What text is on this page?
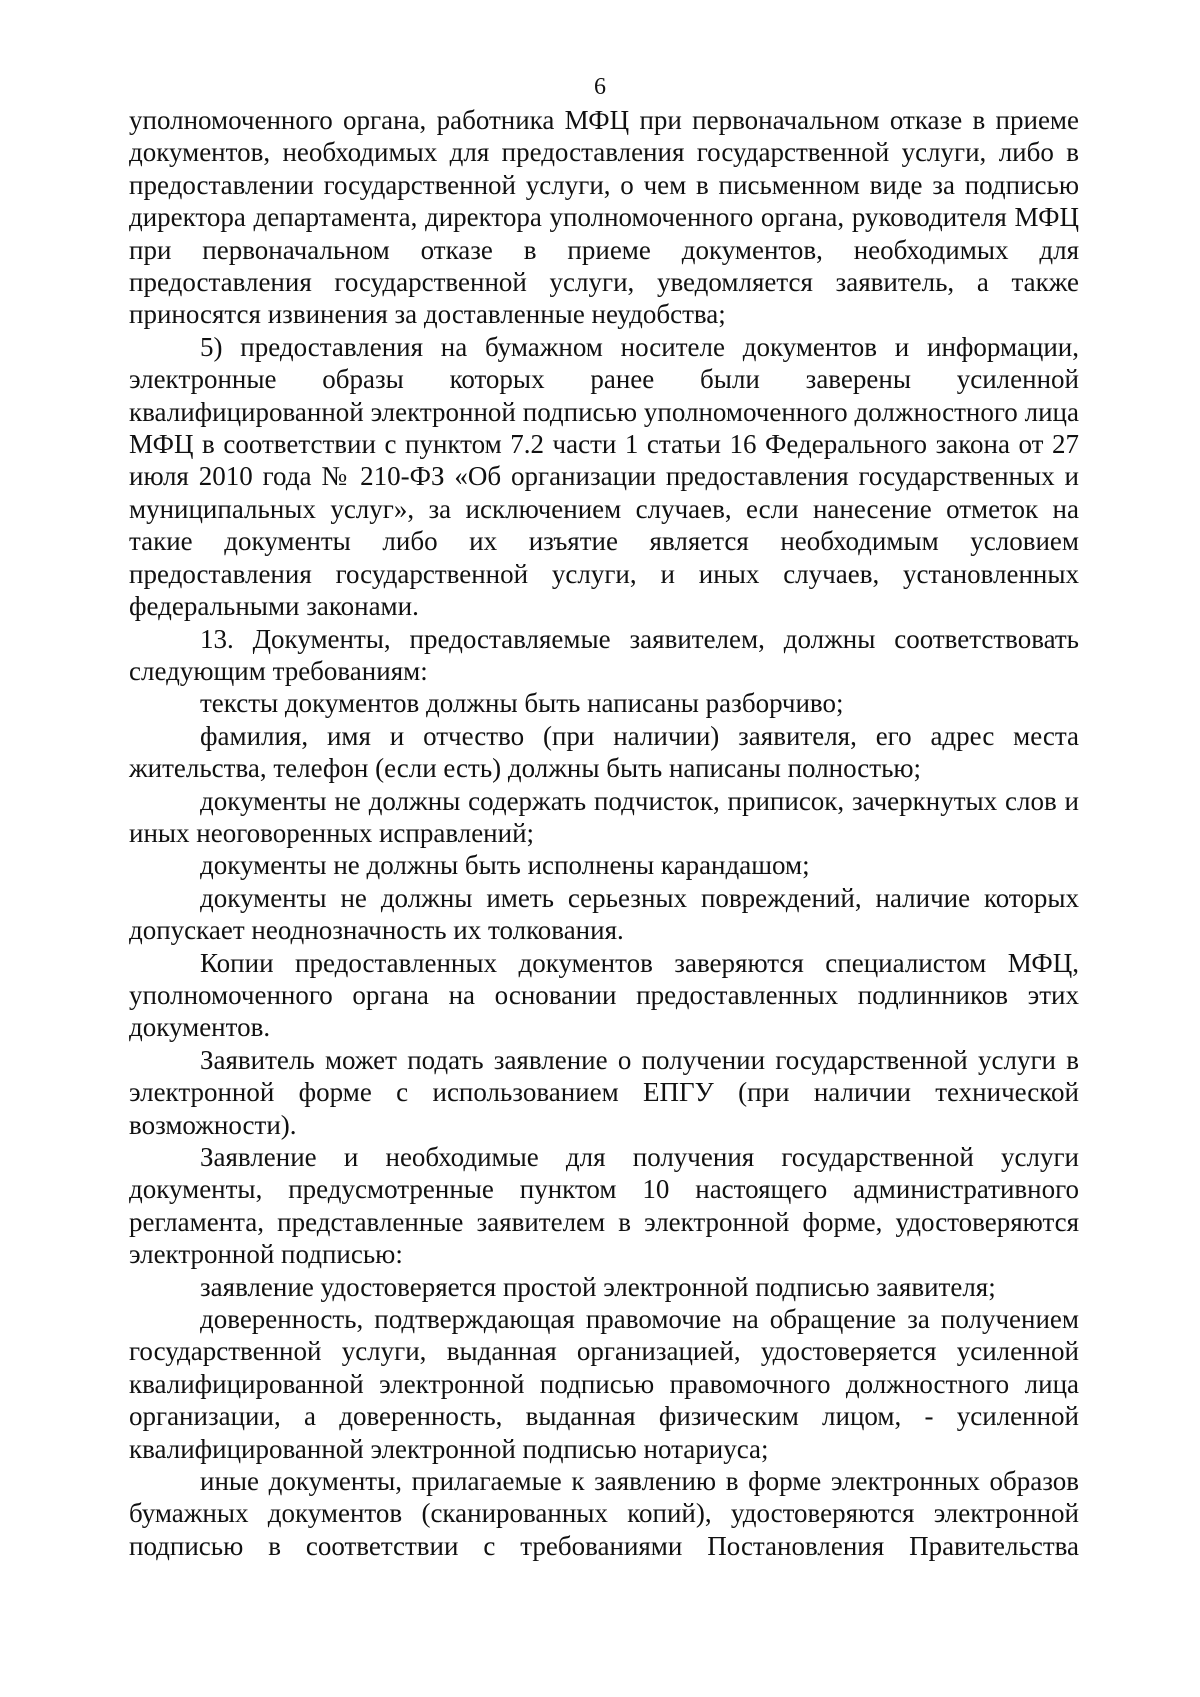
6

уполномоченного органа, работника МФЦ при первоначальном отказе в приеме документов, необходимых для предоставления государственной услуги, либо в предоставлении государственной услуги, о чем в письменном виде за подписью директора департамента, директора уполномоченного органа, руководителя МФЦ при первоначальном отказе в приеме документов, необходимых для предоставления государственной услуги, уведомляется заявитель, а также приносятся извинения за доставленные неудобства;

5) предоставления на бумажном носителе документов и информации, электронные образы которых ранее были заверены усиленной квалифицированной электронной подписью уполномоченного должностного лица МФЦ в соответствии с пунктом 7.2 части 1 статьи 16 Федерального закона от 27 июля 2010 года № 210-ФЗ «Об организации предоставления государственных и муниципальных услуг», за исключением случаев, если нанесение отметок на такие документы либо их изъятие является необходимым условием предоставления государственной услуги, и иных случаев, установленных федеральными законами.

13. Документы, предоставляемые заявителем, должны соответствовать следующим требованиям:

тексты документов должны быть написаны разборчиво;

фамилия, имя и отчество (при наличии) заявителя, его адрес места жительства, телефон (если есть) должны быть написаны полностью;

документы не должны содержать подчисток, приписок, зачеркнутых слов и иных неоговоренных исправлений;

документы не должны быть исполнены карандашом;

документы не должны иметь серьезных повреждений, наличие которых допускает неоднозначность их толкования.

Копии предоставленных документов заверяются специалистом МФЦ, уполномоченного органа на основании предоставленных подлинников этих документов.

Заявитель может подать заявление о получении государственной услуги в электронной форме с использованием ЕПГУ (при наличии технической возможности).

Заявление и необходимые для получения государственной услуги документы, предусмотренные пунктом 10 настоящего административного регламента, представленные заявителем в электронной форме, удостоверяются электронной подписью:

заявление удостоверяется простой электронной подписью заявителя;

доверенность, подтверждающая правомочие на обращение за получением государственной услуги, выданная организацией, удостоверяется усиленной квалифицированной электронной подписью правомочного должностного лица организации, а доверенность, выданная физическим лицом, - усиленной квалифицированной электронной подписью нотариуса;

иные документы, прилагаемые к заявлению в форме электронных образов бумажных документов (сканированных копий), удостоверяются электронной подписью в соответствии с требованиями Постановления Правительства
